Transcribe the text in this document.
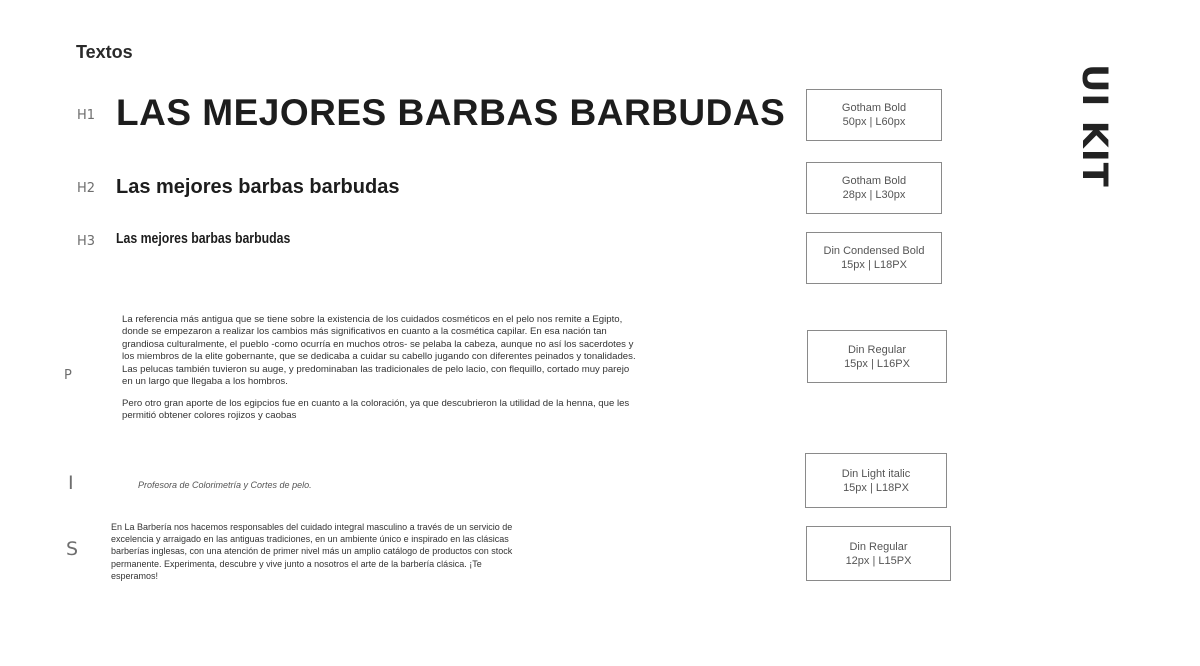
Textos
H1 LAS MEJORES BARBAS BARBUDAS	Gotham Bold
50px | L60px
H2 Las mejores barbas barbudas	Gotham Bold
28px | L30px
H3 Las mejores barbas barbudas
Din Condensed Bold
15px | L18PX
P
La referencia más antigua que se tiene sobre la existencia de los cuidados cosméticos en el pelo nos remite a Egipto, donde se empezaron a realizar los cambios más significativos en cuanto a la cosmética capilar. En esa nación tan grandiosa culturalmente, el pueblo -como ocurría en muchos otros- se pelaba la cabeza, aunque no así los sacerdotes y los miembros de la elite gobernante, que se dedicaba a cuidar su cabello jugando con diferentes peinados y tonalidades. Las pelucas también tuvieron su auge, y predominaban las tradicionales de pelo lacio, con flequillo, cortado muy parejo en un largo que llegaba a los hombros.
Pero otro gran aporte de los egipcios fue en cuanto a la coloración, ya que descubrieron la utilidad de la henna, que les permitió obtener colores rojizos y caobas
Din Regular
15px | L16PX
I	Profesora de Colorimetría y Cortes de pelo.
Din Light italic
15px | L18PX
S
En La Barbería nos hacemos responsables del cuidado integral masculino a través de un servicio de excelencia y arraigado en las antiguas tradiciones, en un ambiente único e inspirado en las clásicas barberías inglesas, con una atención de primer nivel más un amplio catálogo de productos con stock permanente. Experimenta, descubre y vive junto a nosotros el arte de la barbería clásica. ¡Te esperamos!
Din Regular
12px | L15PX
UI KIT
